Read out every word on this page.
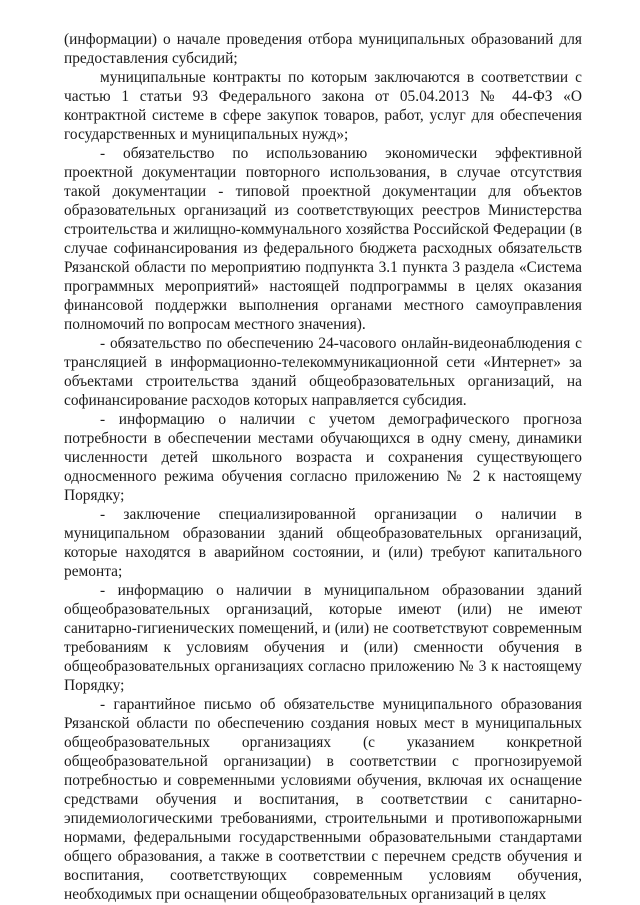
(информации) о начале проведения отбора муниципальных образований для предоставления субсидий;

муниципальные контракты по которым заключаются в соответствии с частью 1 статьи 93 Федерального закона от 05.04.2013 № 44-ФЗ «О контрактной системе в сфере закупок товаров, работ, услуг для обеспечения государственных и муниципальных нужд»;

- обязательство по использованию экономически эффективной проектной документации повторного использования, в случае отсутствия такой документации - типовой проектной документации для объектов образовательных организаций из соответствующих реестров Министерства строительства и жилищно-коммунального хозяйства Российской Федерации (в случае софинансирования из федерального бюджета расходных обязательств Рязанской области по мероприятию подпункта 3.1 пункта 3 раздела «Система программных мероприятий» настоящей подпрограммы в целях оказания финансовой поддержки выполнения органами местного самоуправления полномочий по вопросам местного значения).

- обязательство по обеспечению 24-часового онлайн-видеонаблюдения с трансляцией в информационно-телекоммуникационной сети «Интернет» за объектами строительства зданий общеобразовательных организаций, на софинансирование расходов которых направляется субсидия.

- информацию о наличии с учетом демографического прогноза потребности в обеспечении местами обучающихся в одну смену, динамики численности детей школьного возраста и сохранения существующего односменного режима обучения согласно приложению № 2 к настоящему Порядку;

- заключение специализированной организации о наличии в муниципальном образовании зданий общеобразовательных организаций, которые находятся в аварийном состоянии, и (или) требуют капитального ремонта;

- информацию о наличии в муниципальном образовании зданий общеобразовательных организаций, которые имеют (или) не имеют санитарно-гигиенических помещений, и (или) не соответствуют современным требованиям к условиям обучения и (или) сменности обучения в общеобразовательных организациях согласно приложению № 3 к настоящему Порядку;

- гарантийное письмо об обязательстве муниципального образования Рязанской области по обеспечению создания новых мест в муниципальных общеобразовательных организациях (с указанием конкретной общеобразовательной организации) в соответствии с прогнозируемой потребностью и современными условиями обучения, включая их оснащение средствами обучения и воспитания, в соответствии с санитарно-эпидемиологическими требованиями, строительными и противопожарными нормами, федеральными государственными образовательными стандартами общего образования, а также в соответствии с перечнем средств обучения и воспитания, соответствующих современным условиям обучения, необходимых при оснащении общеобразовательных организаций в целях
